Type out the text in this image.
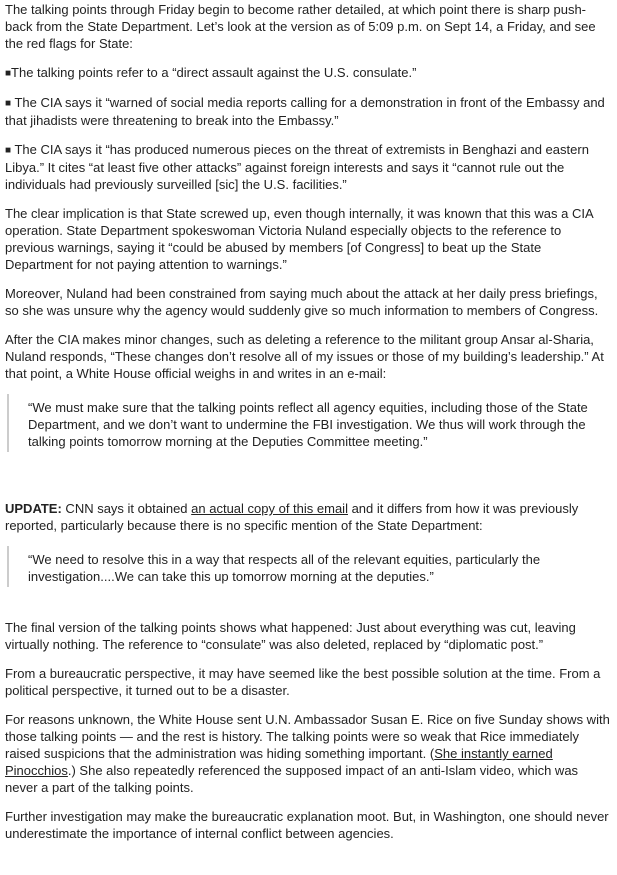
The talking points through Friday begin to become rather detailed, at which point there is sharp push-back from the State Department. Let’s look at the version as of 5:09 p.m. on Sept 14, a Friday, and see the red flags for State:

■The talking points refer to a “direct assault against the U.S. consulate.”

■ The CIA says it “warned of social media reports calling for a demonstration in front of the Embassy and that jihadists were threatening to break into the Embassy.”

■ The CIA says it “has produced numerous pieces on the threat of extremists in Benghazi and eastern Libya.” It cites “at least five other attacks” against foreign interests and says it “cannot rule out the individuals had previously surveilled [sic] the U.S. facilities.”

The clear implication is that State screwed up, even though internally, it was known that this was a CIA operation. State Department spokeswoman Victoria Nuland especially objects to the reference to previous warnings, saying it “could be abused by members [of Congress] to beat up the State Department for not paying attention to warnings.”

Moreover, Nuland had been constrained from saying much about the attack at her daily press briefings, so she was unsure why the agency would suddenly give so much information to members of Congress.

After the CIA makes minor changes, such as deleting a reference to the militant group Ansar al-Sharia, Nuland responds, “These changes don’t resolve all of my issues or those of my building’s leadership.” At that point, a White House official weighs in and writes in an e-mail:

“We must make sure that the talking points reflect all agency equities, including those of the State Department, and we don’t want to undermine the FBI investigation. We thus will work through the talking points tomorrow morning at the Deputies Committee meeting.”

UPDATE: CNN says it obtained an actual copy of this email and it differs from how it was previously reported, particularly because there is no specific mention of the State Department:

“We need to resolve this in a way that respects all of the relevant equities, particularly the investigation....We can take this up tomorrow morning at the deputies.”

The final version of the talking points shows what happened: Just about everything was cut, leaving virtually nothing. The reference to “consulate” was also deleted, replaced by “diplomatic post.”

From a bureaucratic perspective, it may have seemed like the best possible solution at the time. From a political perspective, it turned out to be a disaster.

For reasons unknown, the White House sent U.N. Ambassador Susan E. Rice on five Sunday shows with those talking points — and the rest is history. The talking points were so weak that Rice immediately raised suspicions that the administration was hiding something important. (She instantly earned Pinocchios.) She also repeatedly referenced the supposed impact of an anti-Islam video, which was never a part of the talking points.

Further investigation may make the bureaucratic explanation moot. But, in Washington, one should never underestimate the importance of internal conflict between agencies.
